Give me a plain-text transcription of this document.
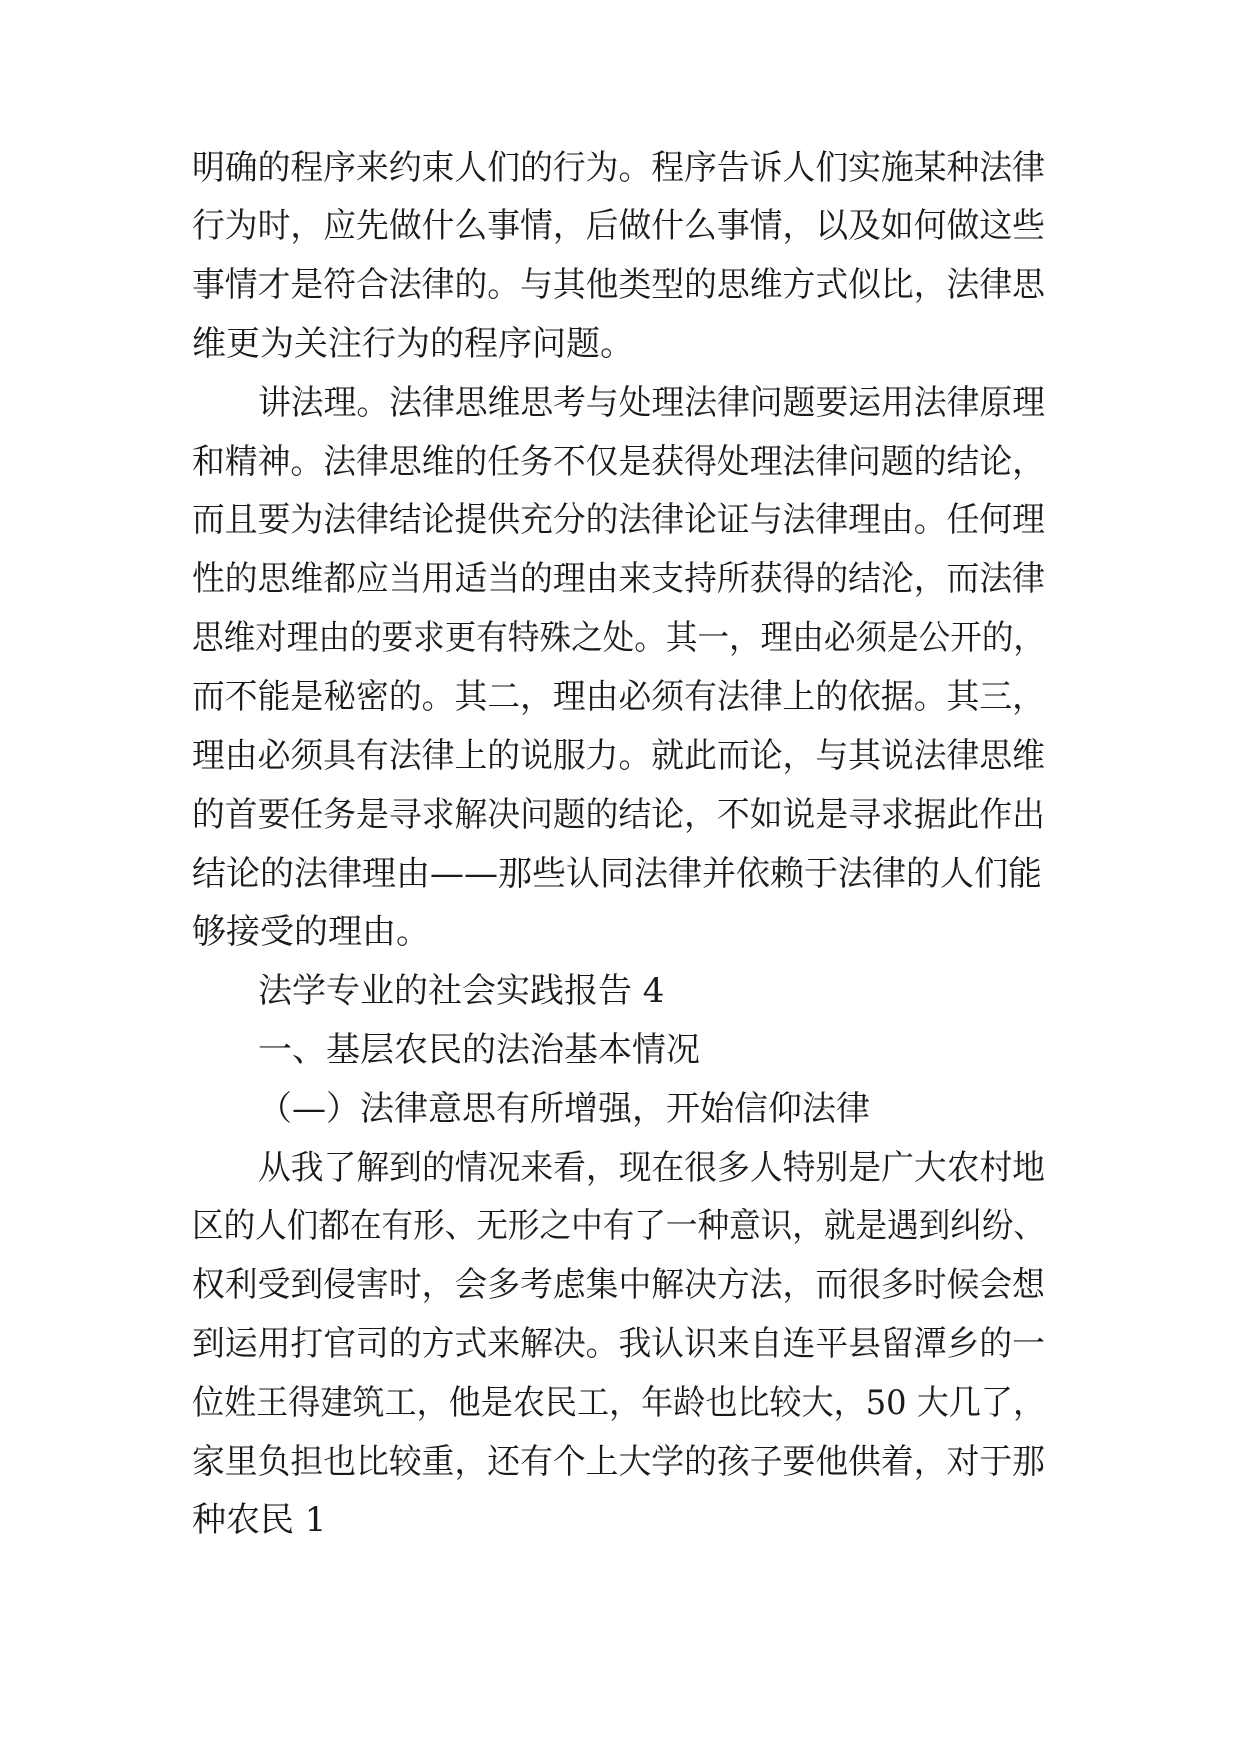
明确的程序来约束人们的行为。程序告诉人们实施某种法律
行为时，应先做什么事情，后做什么事情，以及如何做这些
事情才是符合法律的。与其他类型的思维方式似比，法律思
维更为关注行为的程序问题。
讲法理。法律思维思考与处理法律问题要运用法律原理
和精神。法律思维的任务不仅是获得处理法律问题的结论，
而且要为法律结论提供充分的法律论证与法律理由。任何理
性的思维都应当用适当的理由来支持所获得的结沦，而法律
思维对理由的要求更有特殊之处。其一，理由必须是公开的，
而不能是秘密的。其二，理由必须有法律上的依据。其三，
理由必须具有法律上的说服力。就此而论，与其说法律思维
的首要任务是寻求解决问题的结论，不如说是寻求据此作出
结论的法律理由——那些认同法律并依赖于法律的人们能
够接受的理由。
法学专业的社会实践报告 4
一、基层农民的法治基本情况
（—）法律意思有所增强，开始信仰法律
从我了解到的情况来看，现在很多人特别是广大农村地
区的人们都在有形、无形之中有了一种意识，就是遇到纠纷、
权利受到侵害时，会多考虑集中解决方法，而很多时候会想
到运用打官司的方式来解决。我认识来自连平县留潭乡的一
位姓王得建筑工，他是农民工，年龄也比较大，50 大几了，
家里负担也比较重，还有个上大学的孩子要他供着，对于那
种农民 1
